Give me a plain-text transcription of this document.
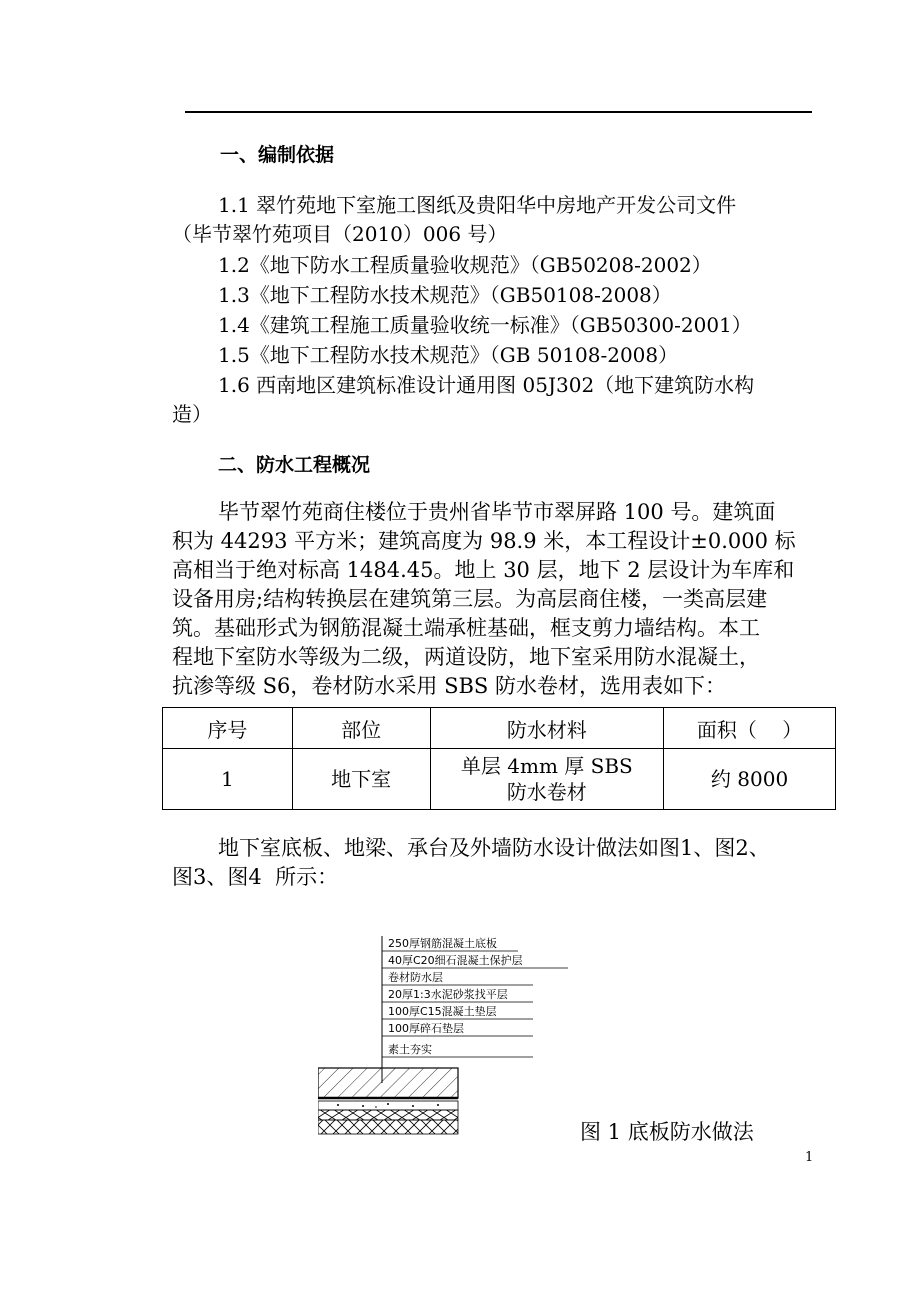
一、编制依据
1.1 翠竹苑地下室施工图纸及贵阳华中房地产开发公司文件
（毕节翠竹苑项目（2010）006 号）
1.2《地下防水工程质量验收规范》（GB50208-2002）
1.3《地下工程防水技术规范》（GB50108-2008）
1.4《建筑工程施工质量验收统一标准》（GB50300-2001）
1.5《地下工程防水技术规范》（GB 50108-2008）
1.6 西南地区建筑标准设计通用图 05J302（地下建筑防水构
造）
二、防水工程概况
毕节翠竹苑商住楼位于贵州省毕节市翠屏路 100 号。建筑面
积为 44293 平方米；建筑高度为 98.9 米，本工程设计±0.000 标
高相当于绝对标高 1484.45。地上 30 层，地下 2 层设计为车库和
设备用房;结构转换层在建筑第三层。为高层商住楼，一类高层建
筑。基础形式为钢筋混凝土端承桩基础，框支剪力墙结构。本工
程地下室防水等级为二级，两道设防，地下室采用防水混凝土，
抗渗等级 S6，卷材防水采用 SBS 防水卷材，选用表如下：
序号	部位	防水材料	面积（    ）
1	地下室	单层 4mm 厚 SBS
防水卷材	约 8000
地下室底板、地梁、承台及外墙防水设计做法如图1、图2、
图3、图4  所示：
250厚钢筋混凝土底板
40厚C20细石混凝土保护层
卷材防水层
20厚1:3水泥砂浆找平层
100厚C15混凝土垫层
100厚碎石垫层
素土夯实
图 1 底板防水做法
1
